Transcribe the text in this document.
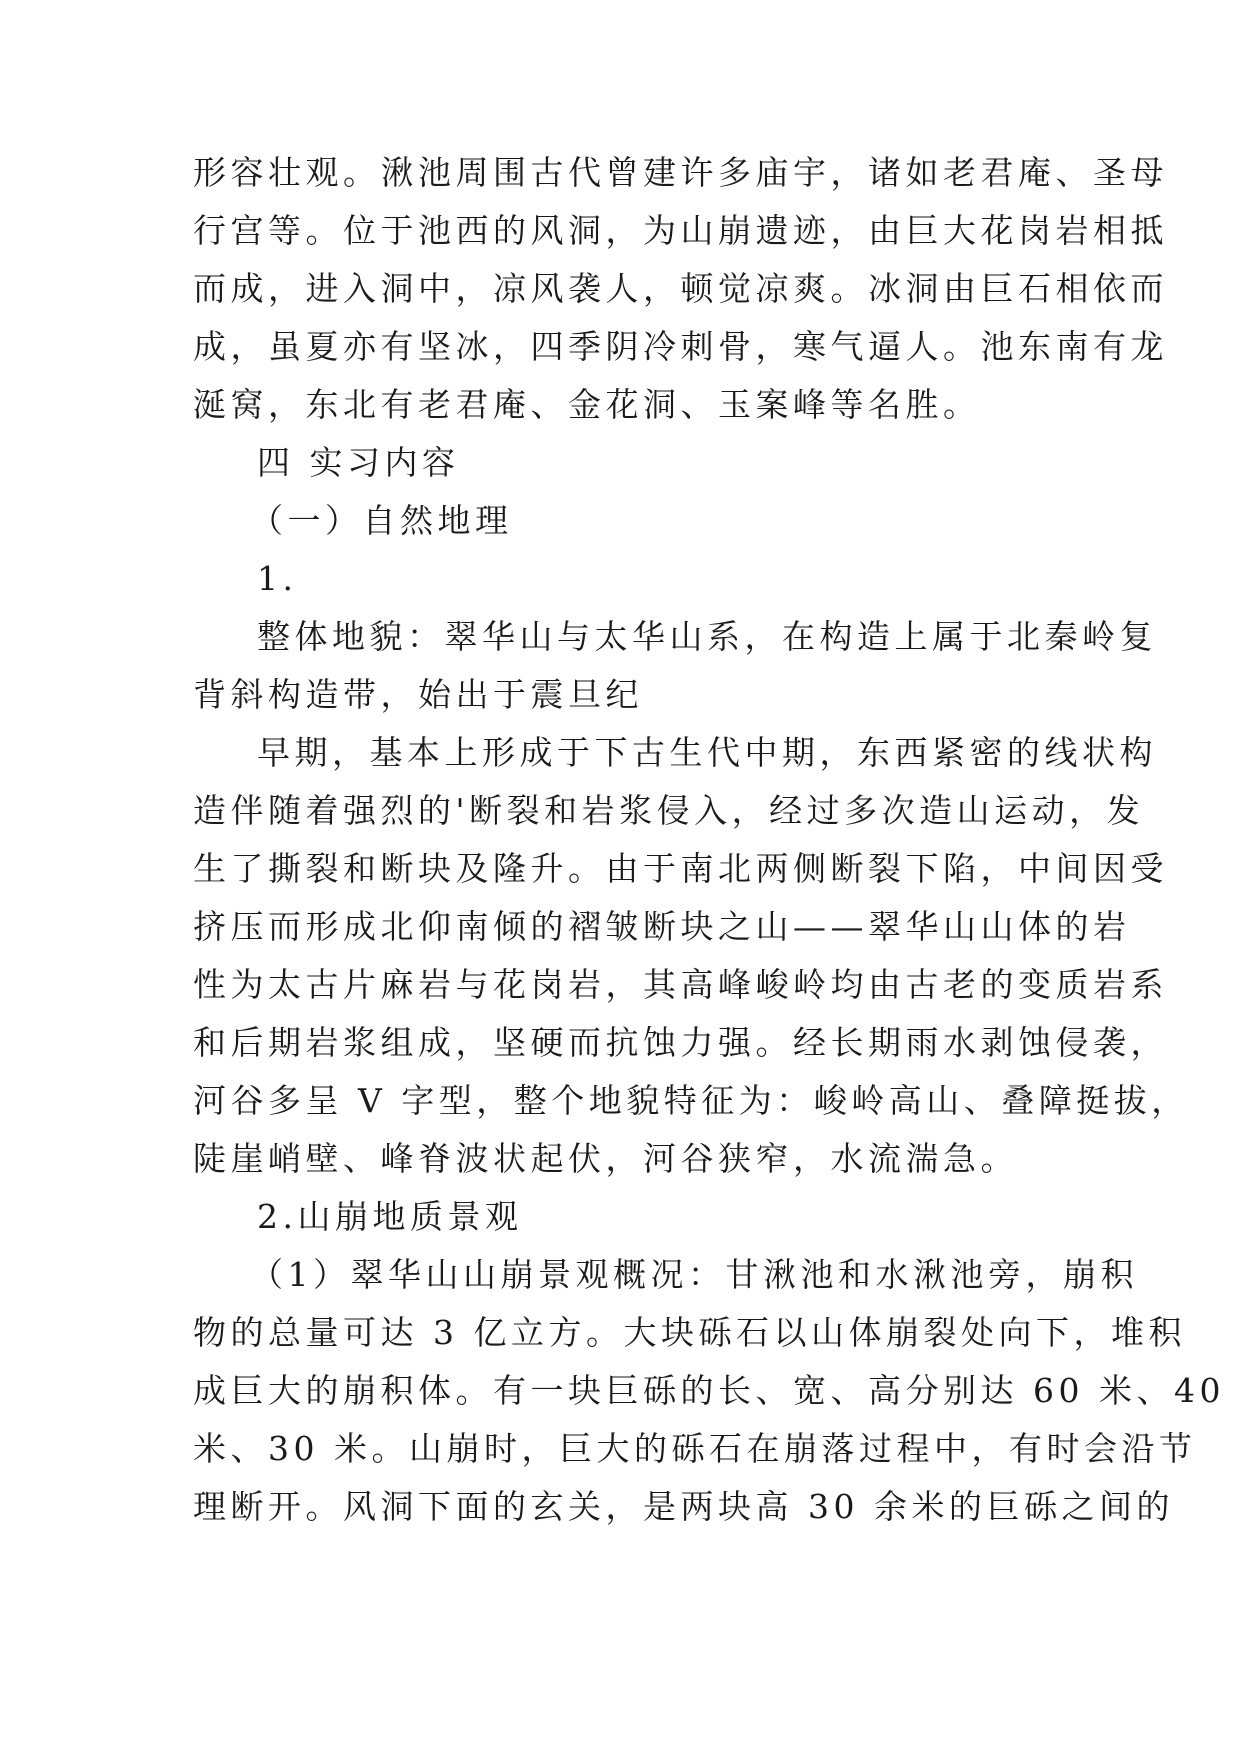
形容壮观。湫池周围古代曾建许多庙宇，诸如老君庵、圣母
行宫等。位于池西的风洞，为山崩遗迹，由巨大花岗岩相抵
而成，进入洞中，凉风袭人，顿觉凉爽。冰洞由巨石相依而
成，虽夏亦有坚冰，四季阴冷刺骨，寒气逼人。池东南有龙
涎窝，东北有老君庵、金花洞、玉案峰等名胜。
四 实习内容
（一）自然地理
1.
整体地貌：翠华山与太华山系，在构造上属于北秦岭复
背斜构造带，始出于震旦纪
早期，基本上形成于下古生代中期，东西紧密的线状构
造伴随着强烈的'断裂和岩浆侵入，经过多次造山运动，发
生了撕裂和断块及隆升。由于南北两侧断裂下陷，中间因受
挤压而形成北仰南倾的褶皱断块之山——翠华山山体的岩
性为太古片麻岩与花岗岩，其高峰峻岭均由古老的变质岩系
和后期岩浆组成，坚硬而抗蚀力强。经长期雨水剥蚀侵袭，
河谷多呈 V 字型，整个地貌特征为：峻岭高山、叠障挺拔，
陡崖峭壁、峰脊波状起伏，河谷狭窄，水流湍急。
2.山崩地质景观
（1）翠华山山崩景观概况：甘湫池和水湫池旁，崩积
物的总量可达 3 亿立方。大块砾石以山体崩裂处向下，堆积
成巨大的崩积体。有一块巨砾的长、宽、高分别达 60 米、40
米、30 米。山崩时，巨大的砾石在崩落过程中，有时会沿节
理断开。风洞下面的玄关，是两块高 30 余米的巨砾之间的
